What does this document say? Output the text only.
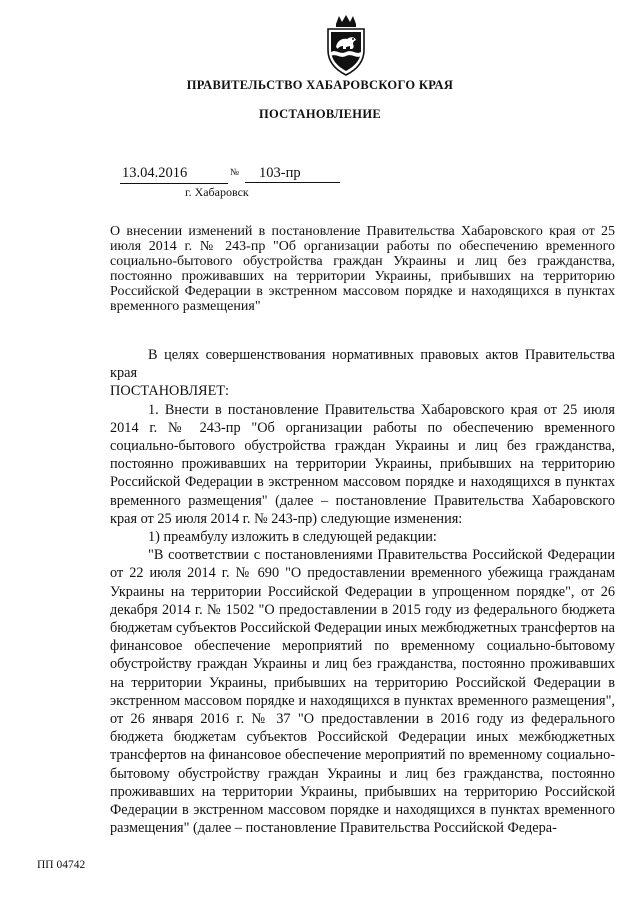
ПРАВИТЕЛЬСТВО ХАБАРОВСКОГО КРАЯ
ПОСТАНОВЛЕНИЕ
13.04.2016	№	103-пр
г. Хабаровск
О внесении изменений в постановление Правительства Хабаровского края от 25 июля 2014 г. № 243-пр "Об организации работы по обеспечению временного социально-бытового обустройства граждан Украины и лиц без гражданства, постоянно проживавших на территории Украины, прибывших на территорию Российской Федерации в экстренном массовом порядке и находящихся в пунктах временного размещения"

В целях совершенствования нормативных правовых актов Правительства края

ПОСТАНОВЛЯЕТ:

1. Внести в постановление Правительства Хабаровского края от 25 июля 2014 г. № 243-пр "Об организации работы по обеспечению временного социально-бытового обустройства граждан Украины и лиц без гражданства, постоянно проживавших на территории Украины, прибывших на территорию Российской Федерации в экстренном массовом порядке и находящихся в пунктах временного размещения" (далее – постановление Правительства Хабаровского края от 25 июля 2014 г. № 243-пр) следующие изменения:

1) преамбулу изложить в следующей редакции:

"В соответствии с постановлениями Правительства Российской Федерации от 22 июля 2014 г. № 690 "О предоставлении временного убежища гражданам Украины на территории Российской Федерации в упрощенном порядке", от 26 декабря 2014 г. № 1502 "О предоставлении в 2015 году из федерального бюджета бюджетам субъектов Российской Федерации иных межбюджетных трансфертов на финансовое обеспечение мероприятий по временному социально-бытовому обустройству граждан Украины и лиц без гражданства, постоянно проживавших на территории Украины, прибывших на территорию Российской Федерации в экстренном массовом порядке и находящихся в пунктах временного размещения", от 26 января 2016 г. № 37 "О предоставлении в 2016 году из федерального бюджета бюджетам субъектов Российской Федерации иных межбюджетных трансфертов на финансовое обеспечение мероприятий по временному социально-бытовому обустройству граждан Украины и лиц без гражданства, постоянно проживавших на территории Украины, прибывших на территорию Российской Федерации в экстренном массовом порядке и находящихся в пунктах временного размещения" (далее – постановление Правительства Российской Федера-

ПП 04742
